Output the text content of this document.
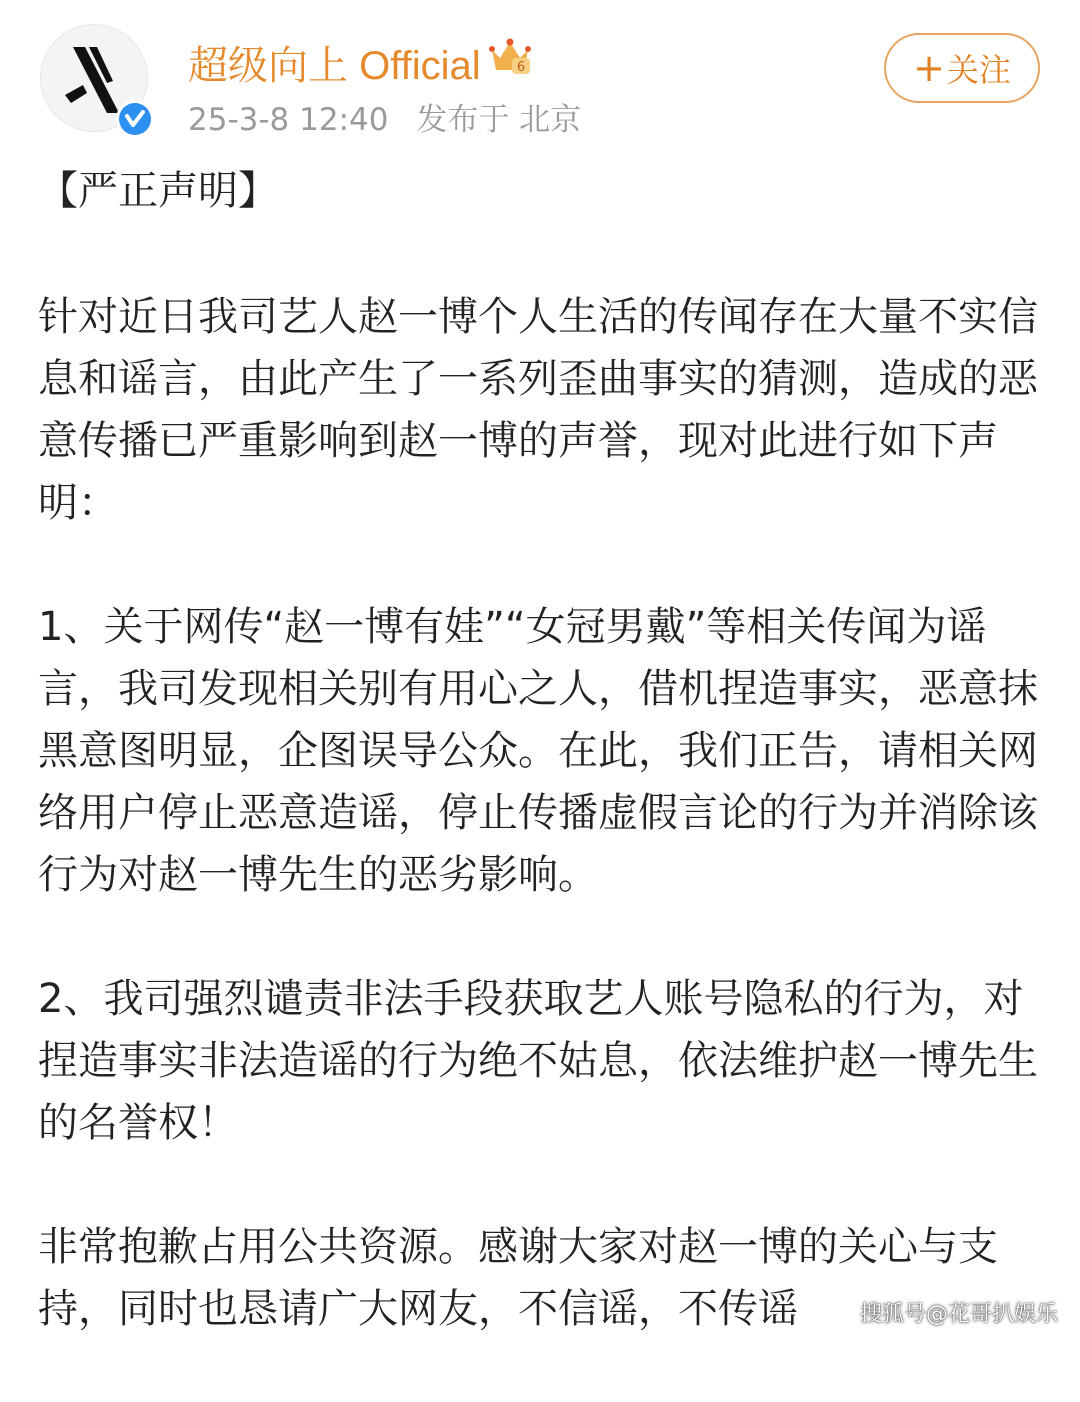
超级向上 Official	6
25-3-8 12:40 发布于 北京
+ 关注

【严正声明】

针对近日我司艺人赵一博个人生活的传闻存在大量不实信息和谣言，由此产生了一系列歪曲事实的猜测，造成的恶意传播已严重影响到赵一博的声誉，现对此进行如下声明：

1、关于网传“赵一博有娃”“女冠男戴”等相关传闻为谣言，我司发现相关别有用心之人，借机捏造事实，恶意抹黑意图明显，企图误导公众。在此，我们正告，请相关网络用户停止恶意造谣，停止传播虚假言论的行为并消除该行为对赵一博先生的恶劣影响。

2、我司强烈谴责非法手段获取艺人账号隐私的行为，对捏造事实非法造谣的行为绝不姑息，依法维护赵一博先生的名誉权！

非常抱歉占用公共资源。感谢大家对赵一博的关心与支持，同时也恳请广大网友，不信谣，不传谣	搜狐号@花哥扒娱乐
